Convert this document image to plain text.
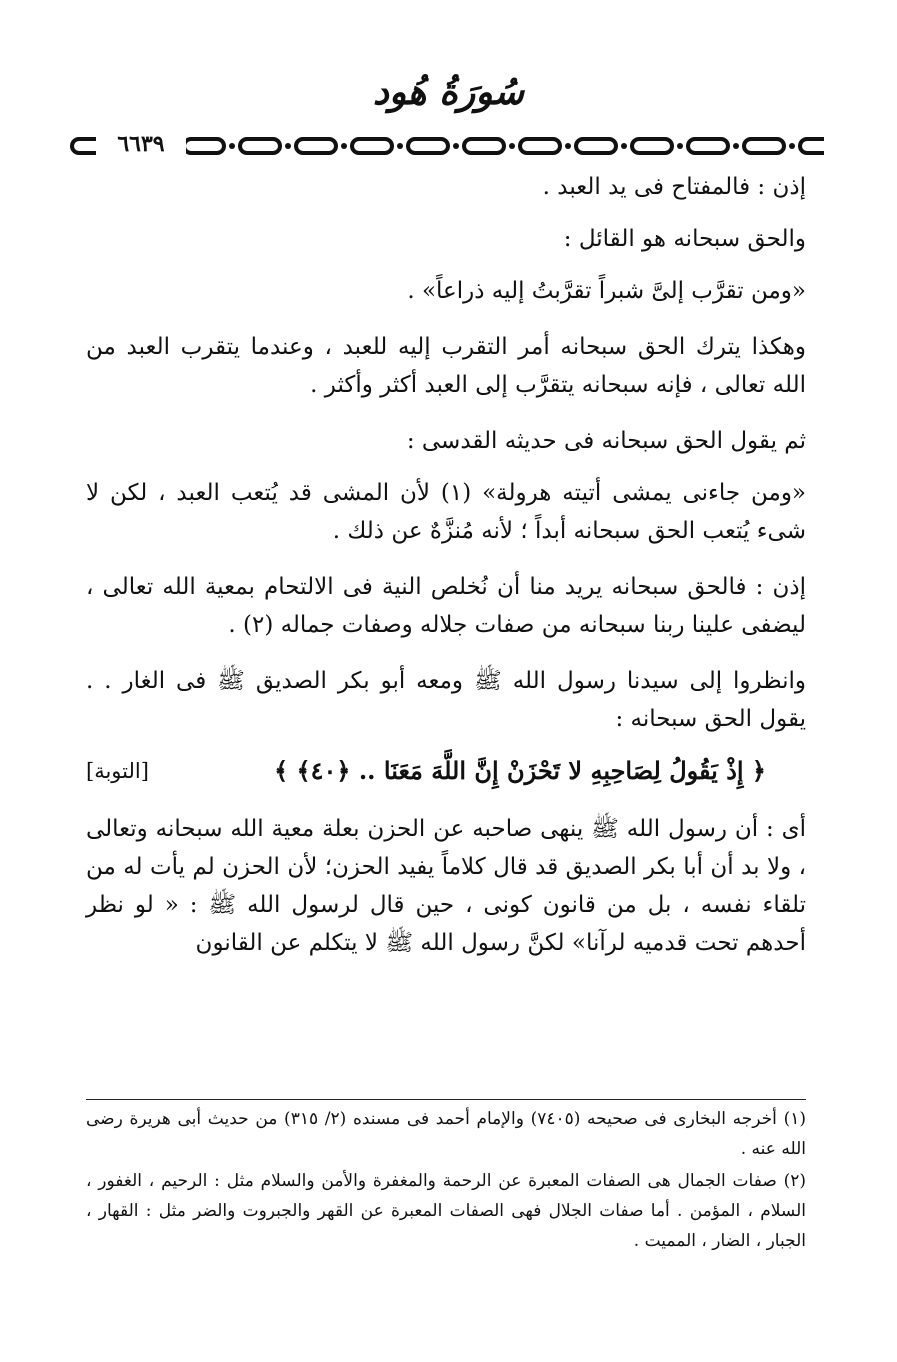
سُورَةُ هُود
٦٦٣٩

إذن : فالمفتاح فى يد العبد .

والحق سبحانه هو القائل :

«ومن تقرَّب إلىَّ شبراً تقرَّبتُ إليه ذراعاً» .

وهكذا يترك الحق سبحانه أمر التقرب إليه للعبد ، وعندما يتقرب العبد من الله تعالى ، فإنه سبحانه يتقرَّب إلى العبد أكثر وأكثر .

ثم يقول الحق سبحانه فى حديثه القدسى :

«ومن جاءنى يمشى أتيته هرولة» (١) لأن المشى قد يُتعب العبد ، لكن لا شىء يُتعب الحق سبحانه أبداً ؛ لأنه مُنزَّهٌ عن ذلك .

إذن : فالحق سبحانه يريد منا أن نُخلص النية فى الالتحام بمعية الله تعالى ، ليضفى علينا ربنا سبحانه من صفات جلاله وصفات جماله (٢) .

وانظروا إلى سيدنا رسول الله ﷺ ومعه أبو بكر الصديق ﷺ فى الغار . . يقول الحق سبحانه :

﴿ إِذْ يَقُولُ لِصَاحِبِهِ لا تَحْزَنْ إِنَّ اللَّهَ مَعَنَا .. ﴿٤٠﴾ ﴾
[التوبة]

أى : أن رسول الله ﷺ ينهى صاحبه عن الحزن بعلة معية الله سبحانه وتعالى ، ولا بد أن أبا بكر الصديق قد قال كلاماً يفيد الحزن؛ لأن الحزن لم يأت له من تلقاء نفسه ، بل من قانون كونى ، حين قال لرسول الله ﷺ : « لو نظر أحدهم تحت قدميه لرآنا» لكنَّ رسول الله ﷺ لا يتكلم عن القانون

(١) أخرجه البخارى فى صحيحه (٧٤٠٥) والإمام أحمد فى مسنده (٢/ ٣١٥) من حديث أبى هريرة رضى الله عنه .

(٢) صفات الجمال هى الصفات المعبرة عن الرحمة والمغفرة والأمن والسلام مثل : الرحيم ، الغفور ، السلام ، المؤمن . أما صفات الجلال فهى الصفات المعبرة عن القهر والجبروت والضر مثل : القهار ، الجبار ، الضار ، المميت .
